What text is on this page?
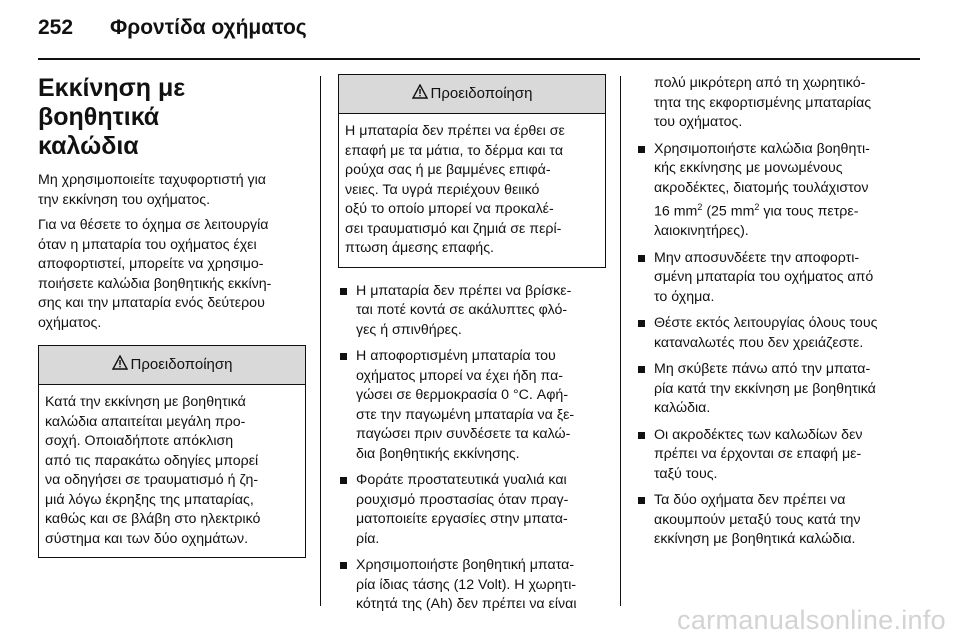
252 Φροντίδα οχήματος
Εκκίνηση με βοηθητικά
καλώδια

Μη χρησιμοποιείτε ταχυφορτιστή για
την εκκίνηση του οχήματος.

Για να θέσετε το όχημα σε λειτουργία
όταν η μπαταρία του οχήματος έχει
αποφορτιστεί, μπορείτε να χρησιμο-
ποιήσετε καλώδια βοηθητικής εκκίνη-
σης και την μπαταρία ενός δεύτερου
οχήματος.

Προειδοποίηση
Κατά την εκκίνηση με βοηθητικά
καλώδια απαιτείται μεγάλη προ-
σοχή. Οποιαδήποτε απόκλιση
από τις παρακάτω οδηγίες μπορεί
να οδηγήσει σε τραυματισμό ή ζη-
μιά λόγω έκρηξης της μπαταρίας,
καθώς και σε βλάβη στο ηλεκτρικό
σύστημα και των δύο οχημάτων.
Προειδοποίηση
Η μπαταρία δεν πρέπει να έρθει σε
επαφή με τα μάτια, το δέρμα και τα
ρούχα σας ή με βαμμένες επιφά-
νειες. Τα υγρά περιέχουν θειικό
οξύ το οποίο μπορεί να προκαλέ-
σει τραυματισμό και ζημιά σε περί-
πτωση άμεσης επαφής.
Η μπαταρία δεν πρέπει να βρίσκε-
ται ποτέ κοντά σε ακάλυπτες φλό-
γες ή σπινθήρες.
Η αποφορτισμένη μπαταρία του
οχήματος μπορεί να έχει ήδη πα-
γώσει σε θερμοκρασία 0 °C. Αφή-
στε την παγωμένη μπαταρία να ξε-
παγώσει πριν συνδέσετε τα καλώ-
δια βοηθητικής εκκίνησης.
Φοράτε προστατευτικά γυαλιά και
ρουχισμό προστασίας όταν πραγ-
ματοποιείτε εργασίες στην μπατα-
ρία.
Χρησιμοποιήστε βοηθητική μπατα-
ρία ίδιας τάσης (12 Volt). Η χωρητι-
κότητά της (Ah) δεν πρέπει να είναι

πολύ μικρότερη από τη χωρητικό-
τητα της εκφορτισμένης μπαταρίας
του οχήματος.

Χρησιμοποιήστε καλώδια βοηθητι-
κής εκκίνησης με μονωμένους
ακροδέκτες, διατομής τουλάχιστον
16 $mm^2$ (25 $mm^2$ για τους πετρε-
λαιοκινητήρες).
Μην αποσυνδέετε την αποφορτι-
σμένη μπαταρία του οχήματος από
το όχημα.
Θέστε εκτός λειτουργίας όλους τους
καταναλωτές που δεν χρειάζεστε.
Μη σκύβετε πάνω από την μπατα-
ρία κατά την εκκίνηση με βοηθητικά
καλώδια.
Οι ακροδέκτες των καλωδίων δεν
πρέπει να έρχονται σε επαφή με-
ταξύ τους.
Τα δύο οχήματα δεν πρέπει να
ακουμπούν μεταξύ τους κατά την
εκκίνηση με βοηθητικά καλώδια.
carmanualsonline.info
